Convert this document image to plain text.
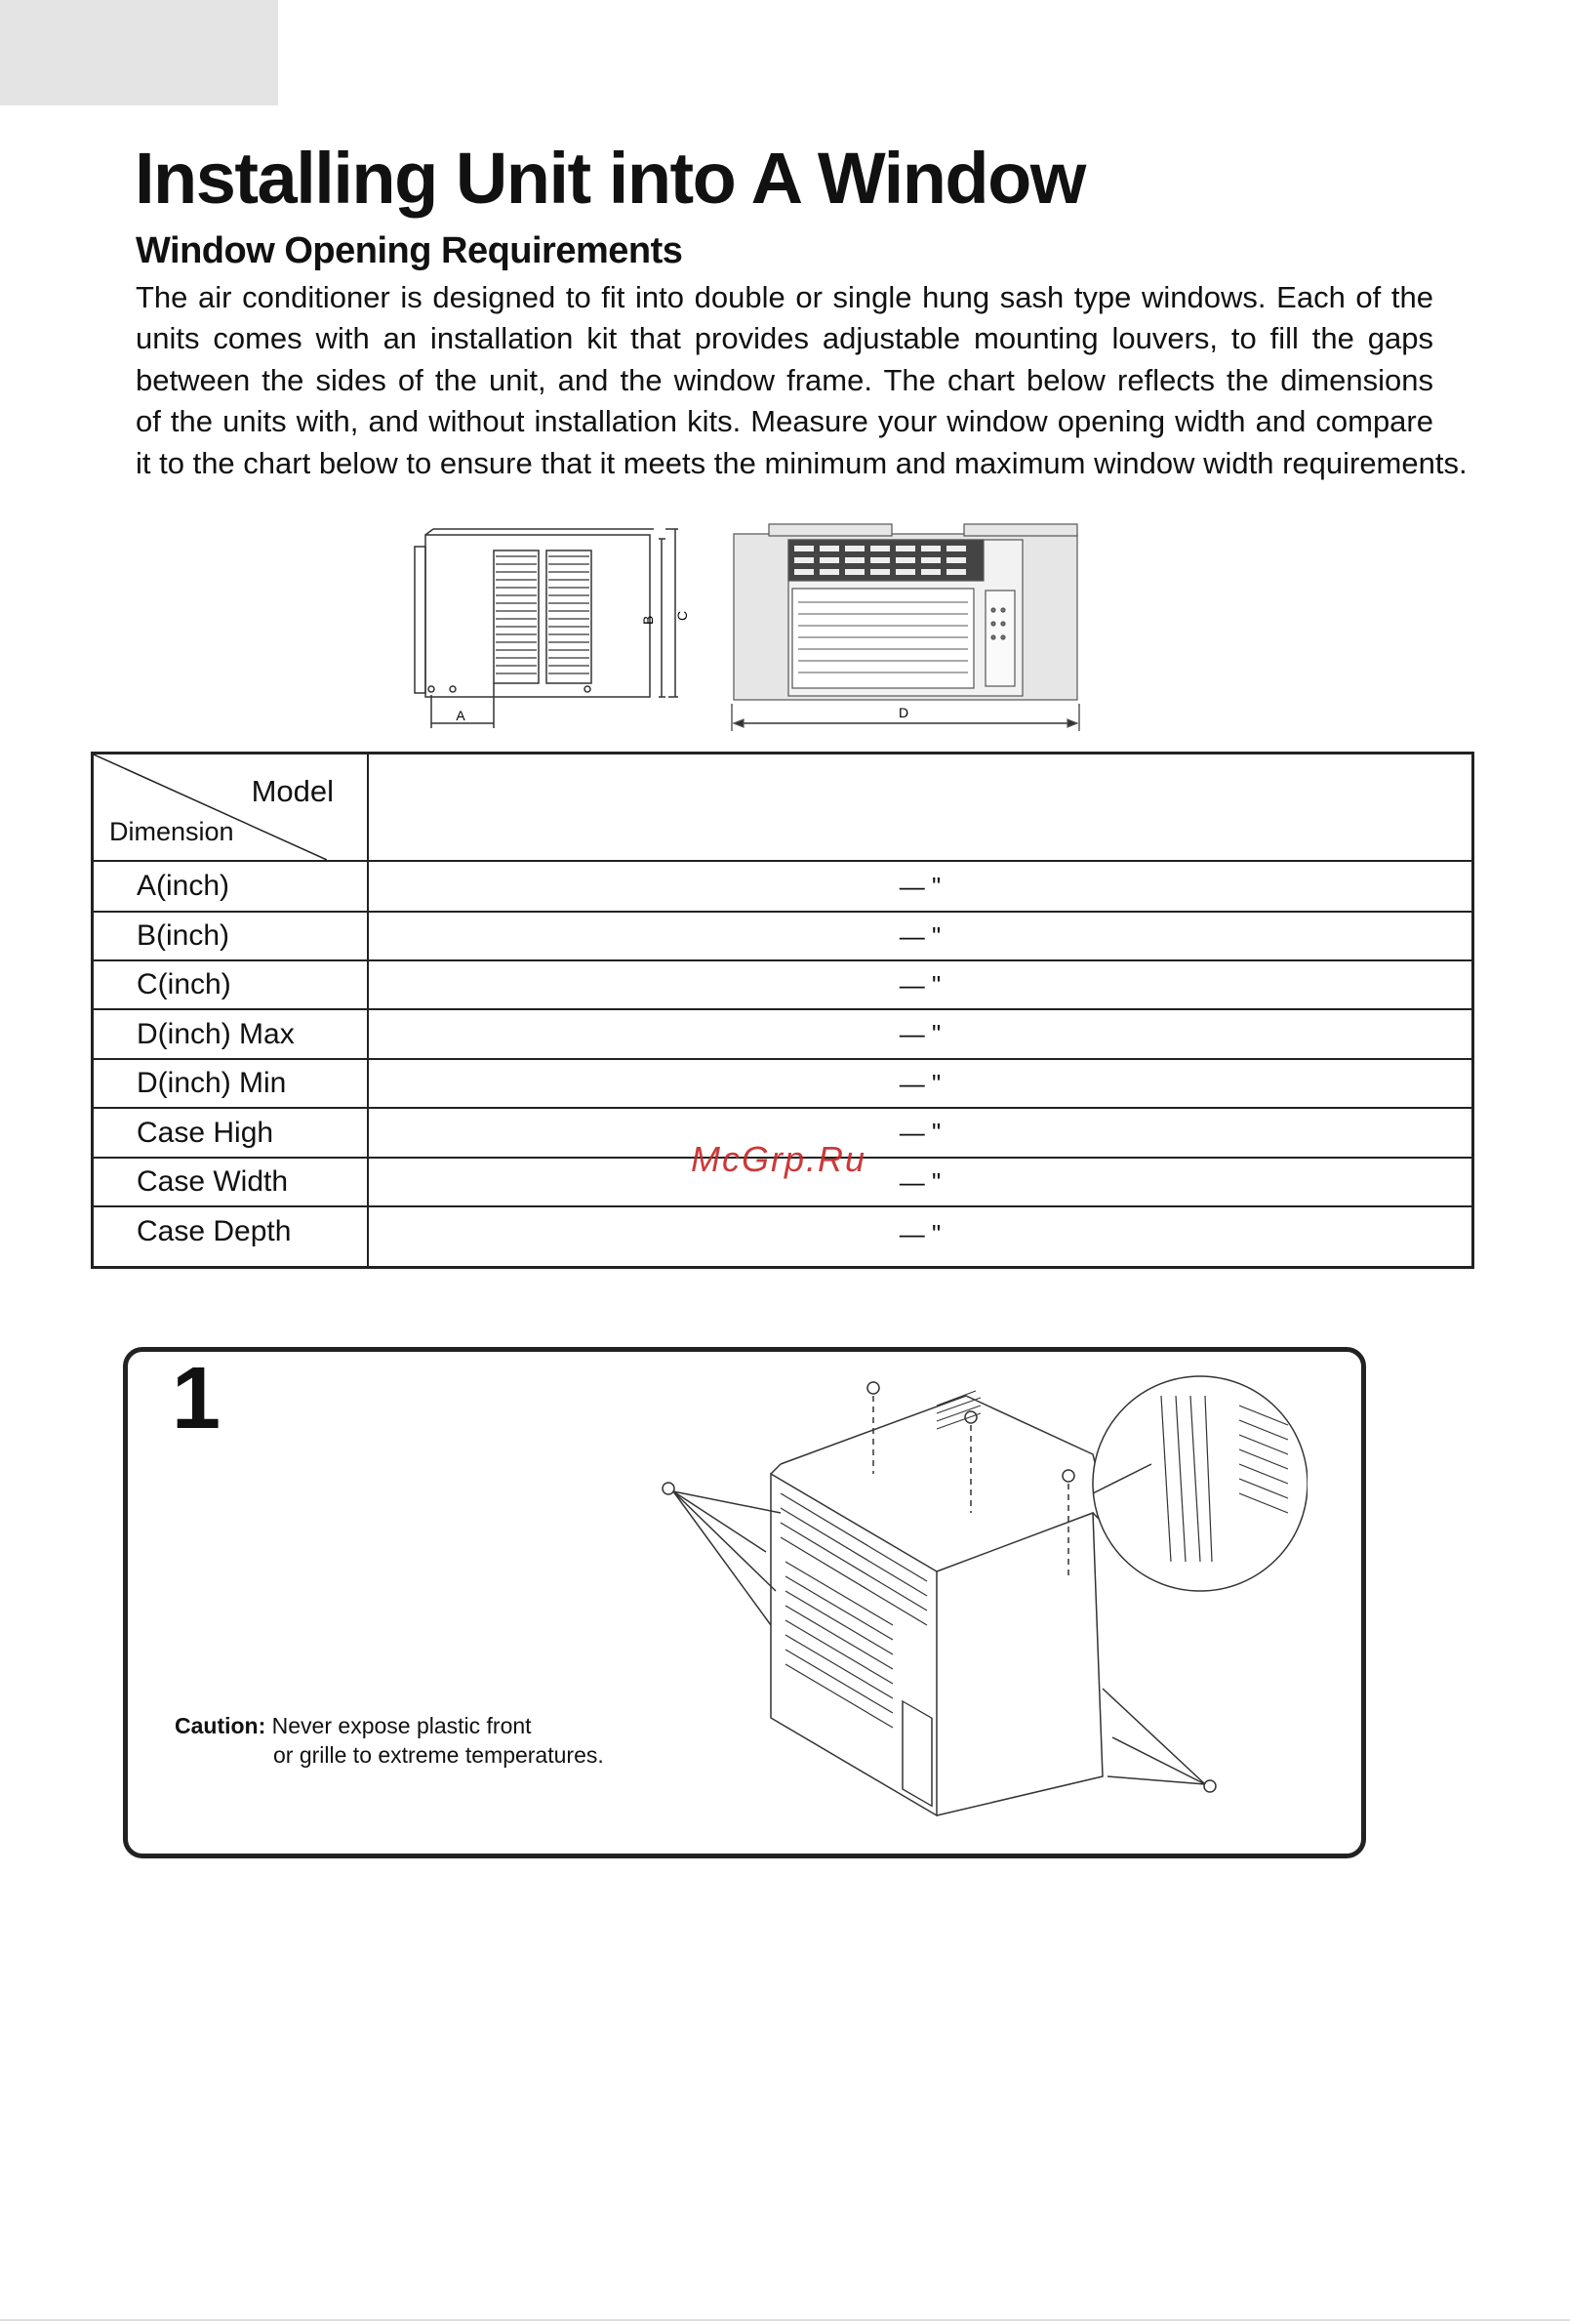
Installing Unit into A Window
Window Opening Requirements
The air conditioner is designed to fit into double or single hung sash type windows. Each of the
units comes with an installation kit that provides adjustable mounting louvers, to fill the gaps
between the sides of the unit, and the window frame. The chart below reflects the dimensions
of the units with, and without installation kits. Measure your window opening width and compare
it to the chart below to ensure that it meets the minimum and maximum window width requirements.
A
B C
D
Model
Dimension	

A(inch)	— "
B(inch)	— "
C(inch)	— "
D(inch) Max	— "
D(inch) Min	— "
Case High	— "
Case Width	— "
Case Depth	— "
McGrp.Ru
1
Caution: Never expose plastic front
or grille to extreme temperatures.
